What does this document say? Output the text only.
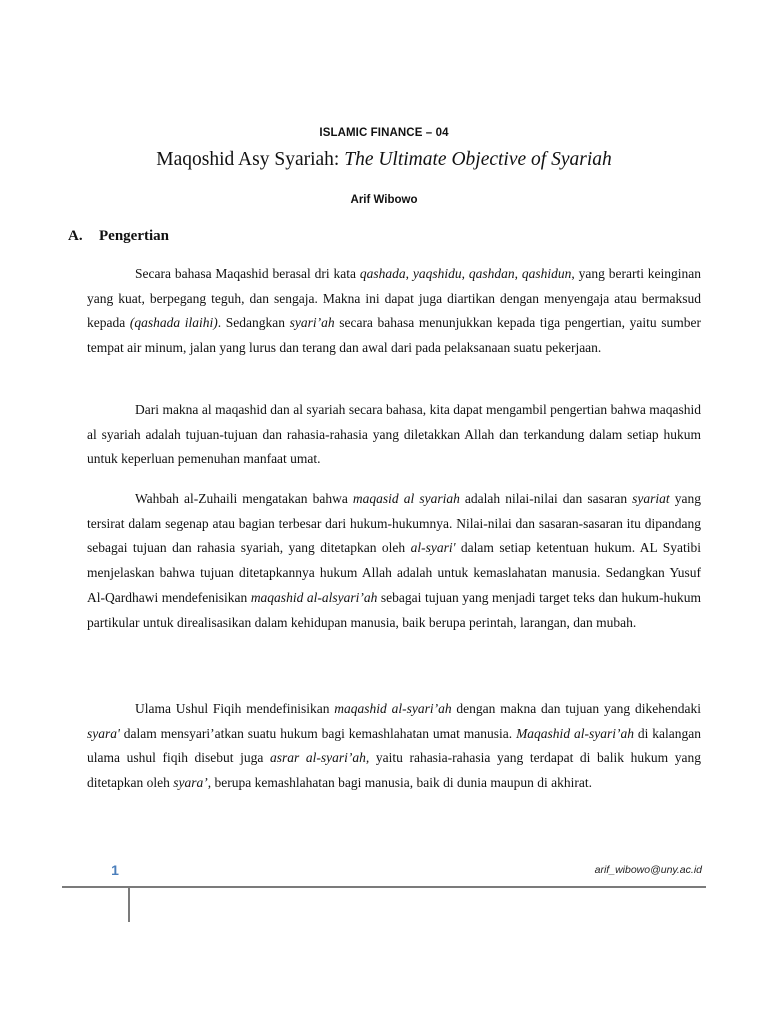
ISLAMIC FINANCE – 04
Maqoshid Asy Syariah: The Ultimate Objective of Syariah
Arif Wibowo
A. Pengertian

Secara bahasa Maqashid berasal dri kata qashada, yaqshidu, qashdan, qashidun, yang berarti keinginan yang kuat, berpegang teguh, dan sengaja. Makna ini dapat juga diartikan dengan menyengaja atau bermaksud kepada (qashada ilaihi). Sedangkan syari’ah secara bahasa menunjukkan kepada tiga pengertian, yaitu sumber tempat air minum, jalan yang lurus dan terang dan awal dari pada pelaksanaan suatu pekerjaan.

Dari makna al maqashid dan al syariah secara bahasa, kita dapat mengambil pengertian bahwa maqashid al syariah adalah tujuan-tujuan dan rahasia-rahasia yang diletakkan Allah dan terkandung dalam setiap hukum untuk keperluan pemenuhan manfaat umat.

Wahbah al-Zuhaili mengatakan bahwa maqasid al syariah adalah nilai-nilai dan sasaran syariat yang tersirat dalam segenap atau bagian terbesar dari hukum-hukumnya. Nilai-nilai dan sasaran-sasaran itu dipandang sebagai tujuan dan rahasia syariah, yang ditetapkan oleh al-syari' dalam setiap ketentuan hukum. AL Syatibi menjelaskan bahwa tujuan ditetapkannya hukum Allah adalah untuk kemaslahatan manusia. Sedangkan Yusuf Al-Qardhawi mendefenisikan maqashid al-alsyari’ah sebagai tujuan yang menjadi target teks dan hukum-hukum partikular untuk direalisasikan dalam kehidupan manusia, baik berupa perintah, larangan, dan mubah.

Ulama Ushul Fiqih mendefinisikan maqashid al-syari’ah dengan makna dan tujuan yang dikehendaki syara' dalam mensyari’atkan suatu hukum bagi kemashlahatan umat manusia. Maqashid al-syari’ah di kalangan ulama ushul fiqih disebut juga asrar al-syari’ah, yaitu rahasia-rahasia yang terdapat di balik hukum yang ditetapkan oleh syara’, berupa kemashlahatan bagi manusia, baik di dunia maupun di akhirat.

1	arif_wibowo@uny.ac.id
